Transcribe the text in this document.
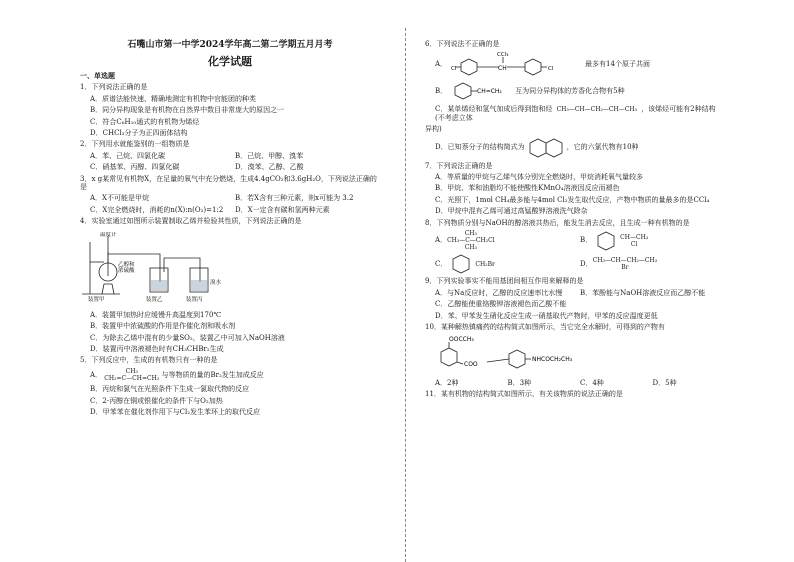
石嘴山市第一中学2024学年高二第二学期五月月考
化学试题
一、单选题
1．下列说法正确的是
A．质谱法能快速、精确地测定有机物中官能团的种类
B．同分异构现象是有机物在自然界中数目非常庞大的原因之一
C．符合C₆H₁₀通式的有机物为烯烃
D．CHCl₃分子为正四面体结构
2．下列用水就能鉴别的一组物质是
A．苯、己烷、四氯化碳	B．己烷、甲醇、溴苯
C．硝基苯、丙醇、四氯化碳	D．溴苯、乙醇、乙酸
3．x g某常见有机物X，在足量的氧气中充分燃烧，生成4.4gCO₂和3.6gH₂O，下列说法正确的是
A．X不可能是甲烷	B．若X含有三种元素，则x可能为 3.2
C．X完全燃烧时，消耗的n(X):n(O₂)=1:2	D．X一定含有碳和氢两种元素
4．实验室通过如图所示装置制取乙烯并检验其性质，下列说法正确的是
温度计
乙醇和
浓硫酸
溴水
装置甲	装置乙	装置丙
A．装置甲加热时应缓慢升高温度到170℃
B．装置甲中浓硫酸的作用是作催化剂和吸水剂
C．为除去乙烯中混有的少量SO₂，装置乙中可加入NaOH溶液
D．装置丙中溶液褪色时有CH₃CHBr₂生成
5．下列反应中，生成的有机物只有一种的是
A．	CH₃
CH₂=C—CH=CH₂ 与等物质的量的Br₂发生加成反应
B．丙烷和氯气在光照条件下生成一氯取代物的反应
C．2-丙醇在铜或银催化的条件下与O₂加热
D．甲苯苯在催化剂作用下与Cl₂发生苯环上的取代反应
6．下列说法不正确的是
A．
CH
CCl₃
Cl	Cl
最多有14个原子共面
B．	CH=CH₂ 互为同分异构体的芳香化合物有5种
C．某单烯烃和氢气加成后得到饱和烃 CH₃—CH—CH₂—CH—CH₃ ，该烯烃可能有2种结构(不考虑立体
异构)
D．已知萘分子的结构简式为	，它的六氯代物有10种
7．下列说法正确的是
A．等质量的甲烷与乙烯气体分别完全燃烧时，甲烷消耗氧气量较多
B．甲烷、苯和油脂均不能使酸性KMnO₄溶液因反应而褪色
C．光照下，1mol CH₄最多能与4mol Cl₂发生取代反应，产物中物质的量最多的是CCl₄
D．甲烷中混有乙烯可通过高锰酸钾溶液洗气除杂
8．下列物质分别与NaOH的醇溶液共热后，能发生消去反应，且生成一种有机物的是
A．
CH₃
CH₃—C—CH₂Cl
CH₃
B．	CH—CH₃
Cl
C．	CH₂Br	D． CH₃—CH—CH₂—CH₃
Br
9．下列实验事实不能用基团间相互作用来解释的是
A．与Na反应时，乙醇的反应速率比水慢	B．苯酚能与NaOH溶液反应而乙醇不能
C．乙醇能使重铬酸钾溶液褪色而乙酸不能
D．苯、甲苯发生硝化反应生成一硝基取代产物时，甲苯的反应温度更低
10．某种解热镇痛药的结构简式如图所示，当它完全水解时，可得到的产物有
OOCCH₃
COO
NHCOCH₂CH₃
A．2种	B．3种	C．4种	D．5种
11．某有机物的结构简式如图所示，有关该物质的说法正确的是
